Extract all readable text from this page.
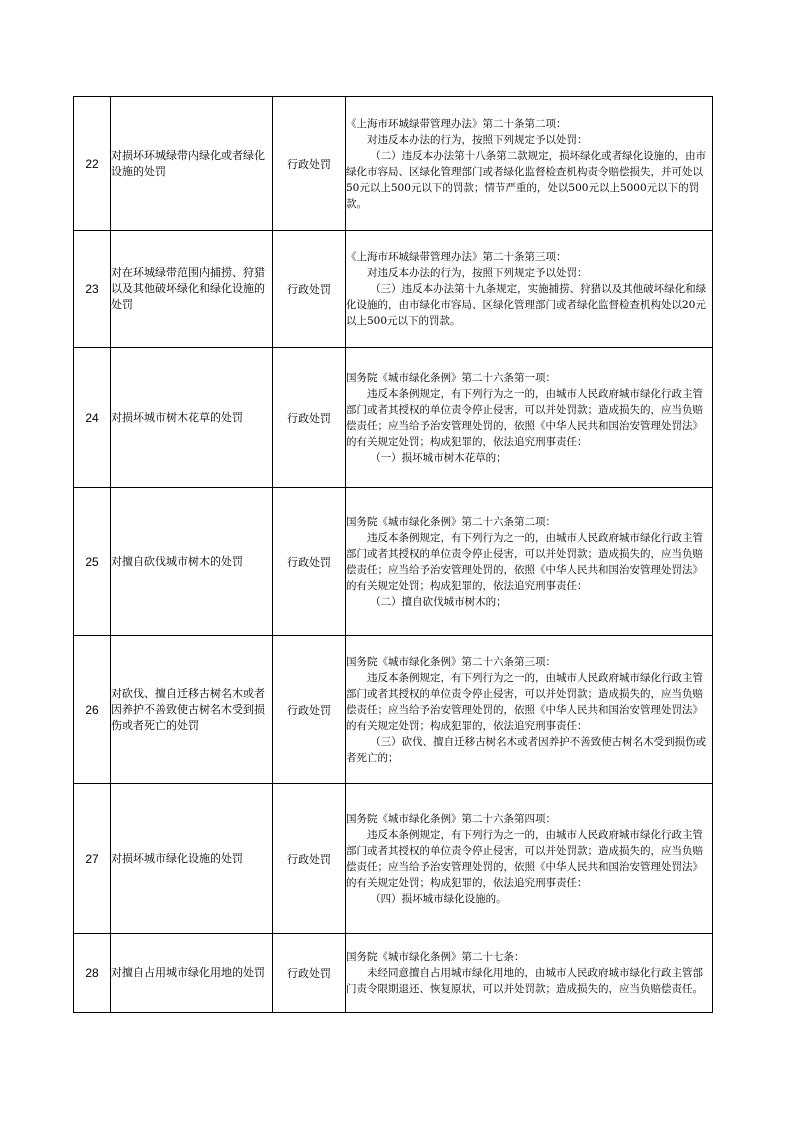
22	对损坏环城绿带内绿化或者绿化设施的处罚	行政处罚	《上海市环城绿带管理办法》第二十条第二项：
对违反本办法的行为，按照下列规定予以处罚：
（二）违反本办法第十八条第二款规定，损坏绿化或者绿化设施的，由市绿化市容局、区绿化管理部门或者绿化监督检查机构责令赔偿损失，并可处以50元以上500元以下的罚款；情节严重的，处以500元以上5000元以下的罚款。

23	对在环城绿带范围内捕捞、狩猎以及其他破坏绿化和绿化设施的处罚	行政处罚	《上海市环城绿带管理办法》第二十条第三项：
对违反本办法的行为，按照下列规定予以处罚：
（三）违反本办法第十九条规定，实施捕捞、狩猎以及其他破坏绿化和绿化设施的，由市绿化市容局、区绿化管理部门或者绿化监督检查机构处以20元以上500元以下的罚款。

24	对损坏城市树木花草的处罚	行政处罚	国务院《城市绿化条例》第二十六条第一项：
违反本条例规定，有下列行为之一的，由城市人民政府城市绿化行政主管部门或者其授权的单位责令停止侵害，可以并处罚款；造成损失的，应当负赔偿责任；应当给予治安管理处罚的，依照《中华人民共和国治安管理处罚法》的有关规定处罚；构成犯罪的，依法追究刑事责任：
（一）损坏城市树木花草的；

25	对擅自砍伐城市树木的处罚	行政处罚	国务院《城市绿化条例》第二十六条第二项：
违反本条例规定，有下列行为之一的，由城市人民政府城市绿化行政主管部门或者其授权的单位责令停止侵害，可以并处罚款；造成损失的，应当负赔偿责任；应当给予治安管理处罚的，依照《中华人民共和国治安管理处罚法》的有关规定处罚；构成犯罪的，依法追究刑事责任：
（二）擅自砍伐城市树木的；

26	对砍伐、擅自迁移古树名木或者因养护不善致使古树名木受到损伤或者死亡的处罚	行政处罚	国务院《城市绿化条例》第二十六条第三项：
违反本条例规定，有下列行为之一的，由城市人民政府城市绿化行政主管部门或者其授权的单位责令停止侵害，可以并处罚款；造成损失的，应当负赔偿责任；应当给予治安管理处罚的，依照《中华人民共和国治安管理处罚法》的有关规定处罚；构成犯罪的，依法追究刑事责任：
（三）砍伐、擅自迁移古树名木或者因养护不善致使古树名木受到损伤或者死亡的；

27	对损坏城市绿化设施的处罚	行政处罚	国务院《城市绿化条例》第二十六条第四项：
违反本条例规定，有下列行为之一的，由城市人民政府城市绿化行政主管部门或者其授权的单位责令停止侵害，可以并处罚款；造成损失的，应当负赔偿责任；应当给予治安管理处罚的，依照《中华人民共和国治安管理处罚法》的有关规定处罚；构成犯罪的，依法追究刑事责任：
（四）损坏城市绿化设施的。

28	对擅自占用城市绿化用地的处罚	行政处罚	国务院《城市绿化条例》第二十七条：
未经同意擅自占用城市绿化用地的，由城市人民政府城市绿化行政主管部门责令限期退还、恢复原状，可以并处罚款；造成损失的，应当负赔偿责任。
